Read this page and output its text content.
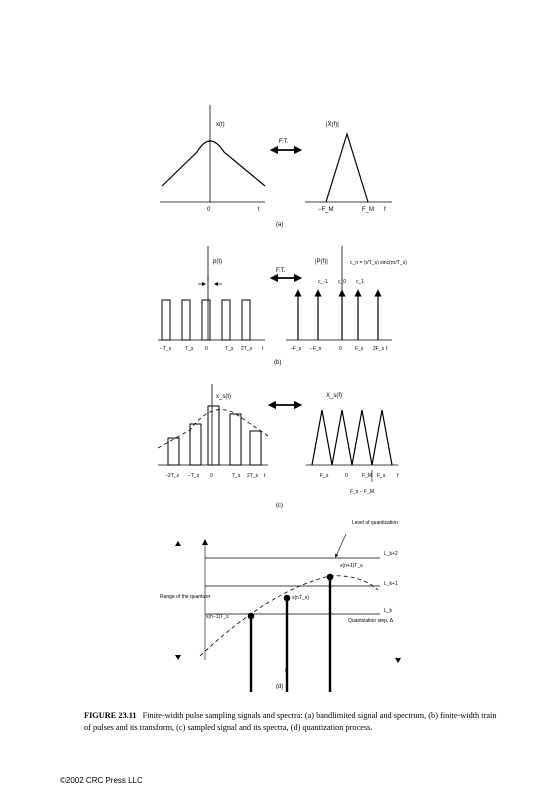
x(t)
0	t
F.T.
|X(f)|
−F_M	F_M f
(a)
p(t)
τ
−T_s	T_s 0	T_s 2T_s t
F.T.
|P(f)|	c_n = (τ/T_s) sinc(nτ/T_s)
c_-1 c_0 c_1
−F_s −F_s	0	F_s 2F_s f
(b)
x_s(t)
−2T_s −T_s 0	T_s 2T_s t
X_s(f)
F_s	0	F_M F_s f
F_s − F_M
(c)
Level of quantization
L_k+2
L_k+1
L_k
Range of the quantizer
Quantization step, Δ
x(n−1)T_s
x(nT_s)
x(n+1)T_s
t
(d)
FIGURE 23.11 Finite-width pulse sampling signals and spectra: (a) bandlimited signal and spectrum, (b) finite-width train of pulses and its transform, (c) sampled signal and its spectra, (d) quantization process.
©2002 CRC Press LLC
